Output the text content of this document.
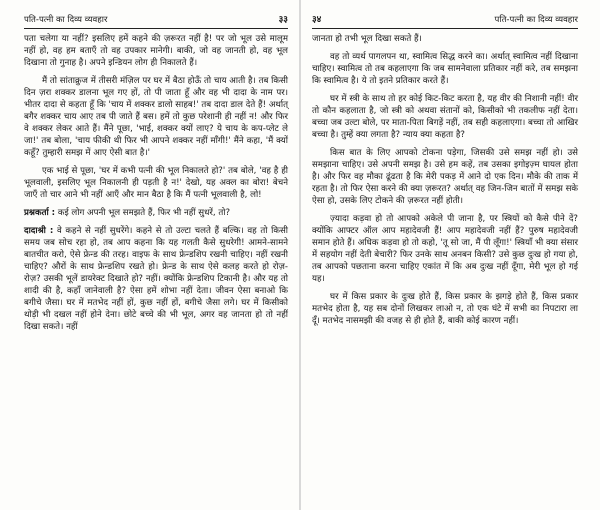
पति-पत्नी का दिव्य व्यवहार	३३

पता चलेगा या नहीं? इसलिए हमें कहने की ज़रूरत नहीं है! पर जो भूल उसे मालूम नहीं हो, वह हम बताएँ तो वह उपकार मानेगी। बाकी, जो वह जानती हो, वह भूल दिखाना तो गुनाह है। अपने इन्डियन लोग ही निकालते हैं।

मैं तो सांताक्रुज में तीसरी मंज़िल पर घर में बैठा होऊँ तो चाय आती है। तब किसी दिन ज़रा शक्कर डालना भूल गए हों, तो पी जाता हूँ और वह भी दादा के नाम पर। भीतर दादा से कहता हूँ कि 'चाय में शक्कर डालो साहब!' तब दादा डाल देते हैं! अर्थात् बगैर शक्कर चाय आए तब पी जाते हैं बस। हमें तो कुछ परेशानी ही नहीं न! और फिर वे शक्कर लेकर आते हैं। मैंने पूछा, 'भाई, शक्कर क्यों लाए? ये चाय के कप-प्लेट ले जा!' तब बोला, 'चाय फीकी थी फिर भी आपने शक्कर नहीं माँगी!' मैंने कहा, 'मैं क्यों कहूँ? तुम्हारी समझ में आए ऐसी बात है।'

एक भाई से पूछा, 'घर में कभी पत्नी की भूल निकालते हो?' तब बोले, 'वह है ही भूलवाली, इसलिए भूल निकालनी ही पड़ती है न!' देखो, यह अक्ल का बोरा! बेचने जाएँ तो चार आने भी नहीं आएँ और मान बैठा है कि मैं पत्नी भूलवाली है, लो!

प्रश्नकर्ता : कई लोग अपनी भूल समझते हैं, फिर भी नहीं सुधरें, तो?

दादाश्री : वे कहने से नहीं सुधरेंगे। कहने से तो उल्टा चलते हैं बल्कि। वह तो किसी समय जब सोच रहा हो, तब आप कहना कि यह गलती कैसे सुधरेगी! आमने-सामने बातचीत करो, ऐसे फ्रेन्ड की तरह। वाइफ के साथ फ्रेन्डशिप रखनी चाहिए। नहीं रखनी चाहिए? औरों के साथ फ्रेन्डशिप रखते हो। फ्रेन्ड के साथ ऐसे कलह करते हो रोज़-रोज़? उसकी भूलें डायरेक्ट दिखाते हो? नहीं। क्योंकि फ्रेन्डशिप टिकानी है। और यह तो शादी की है, कहाँ जानेवाली है? ऐसा हमें शोभा नहीं देता। जीवन ऐसा बनाओ कि बगीचे जैसा। घर में मतभेद नहीं हों, कुछ नहीं हों, बगीचे जैसा लगे। घर में किसीको थोड़ी भी दखल नहीं होने देना। छोटे बच्चे की भी भूल, अगर वह जानता हो तो नहीं दिखा सकते। नहीं

३४	पति-पत्नी का दिव्य व्यवहार

जानता हो तभी भूल दिखा सकते हैं।

वह तो व्यर्थ पागलपन था, स्वामित्व सिद्ध करने का। अर्थात् स्वामित्व नहीं दिखाना चाहिए। स्वामित्व तो तब कहलाएगा कि जब सामनेवाला प्रतिकार नहीं करे, तब समझना कि स्वामित्व है। ये तो इतने प्रतिकार करते हैं।

घर में स्त्री के साथ तो हर कोई किट-किट करता है, यह वीर की निशानी नहीं! वीर तो कौन कहलाता है, जो स्त्री को अथवा संतानों को, किसीको भी तकलीफ नहीं देता। बच्चा जब उल्टा बोले, पर माता-पिता बिगड़ें नहीं, तब सही कहलाएगा। बच्चा तो आखिर बच्चा है। तुम्हें क्या लगता है? न्याय क्या कहता है?

किस बात के लिए आपको टोकना पड़ेगा, जिसकी उसे समझ नहीं हो। उसे समझाना चाहिए। उसे अपनी समझ है। उसे हम कहें, तब उसका इगोइज़्म घायल होता है। और फिर वह मौका ढूंढता है कि मेरी पकड़ में आने दो एक दिन। मौके की ताक में रहता है। तो फिर ऐसा करने की क्या ज़रूरत? अर्थात् वह जिन-जिन बातों में समझ सके ऐसा हो, उसके लिए टोकने की ज़रूरत नहीं होती।

ज़्यादा कड़वा हो तो आपको अकेले पी जाना है, पर स्त्रियों को कैसे पीने दें? क्योंकि आफ्टर ऑल आप महादेवजी हैं! आप महादेवजी नहीं हैं? पुरुष महादेवजी समान होते हैं। अधिक कड़वा हो तो कहो, 'तू सो जा, मैं पी लूँगा!' स्त्रियाँ भी क्या संसार में सहयोग नहीं देती बेचारी? फिर उनके साथ अनबन किसी? उसे कुछ दुःख हो गया हो, तब आपको पछताना करना चाहिए एकांत में कि अब दुःख नहीं दूँगा, मेरी भूल हो गई यह।

घर में किस प्रकार के दुःख होते हैं, किस प्रकार के झगड़े होते हैं, किस प्रकार मतभेद होता है, यह सब दोनों लिखकर लाओ न, तो एक घंटे में सभी का निपटारा ला दूँ। मतभेद नासमझी की वजह से ही होते हैं, बाकी कोई कारण नहीं।
